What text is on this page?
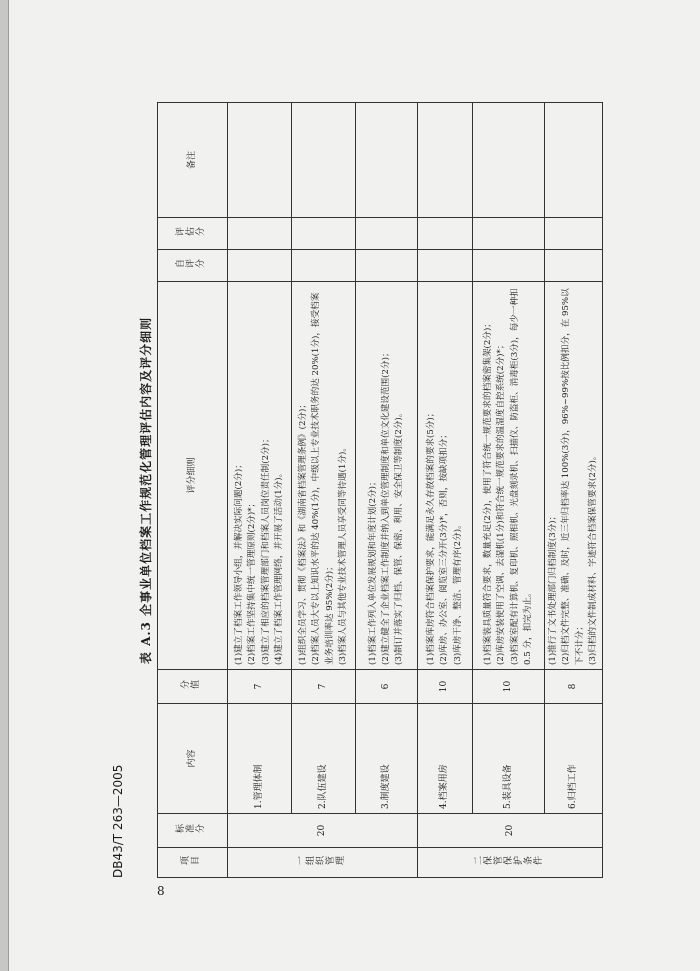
DB43/T 263—2005
表 A.3 企事业单位档案工作规范化管理评估内容及评分细则
项目	标准分	内容	分值	评分细则	自评分	评估分	备注
一组织管理	20	1.管理体制	7	(1)建立了档案工作领导小组，并解决实际问题(2分)； (2)档案工作坚持集中统一管理原则(2分)*； (3)建立了相应的档案管理部门和档案人员岗位责任制(2分)； (4)建立了档案工作管理网络，并开展了活动(1分)。			

		2.队伍建设	7	(1)组织全员学习、贯彻《档案法》和《湖南省档案管理条例》(2分)； (2)档案人员大专以上知识水平的达 40%(1分)，中级以上专业技术职务的达 20%(1分)，接受档案业务培训率达 95%(2分)； (3)档案人员与其他专业技术管理人员享受同等待遇(1分)。			

		3.制度建设	6	(1)档案工作列入单位发展规划和年度计划(2分)； (2)建立健全了企业档案工作制度并纳入到单位管理制度和单位文化建设范围(2分)； (3)制订并落实了归档、保管、保密、利用、安全保卫等制度(2分)。			

二保管保护条件	20	4.档案用房	10	(1)档案库房符合档案保护要求，能满足永久存放档案的要求(5分)； (2)库房、办公室、阅览室三分开(3分)*，否则，按缺项扣分； (3)库房干净、整洁、管理有序(2分)。			

		5.装具设备	10	(1)档案装具质量符合要求，数量充足(2分)，使用了符合统一规范要求的档案密集架(2分)； (2)库房安装使用了空调、去湿机(1分)和符合统一规范要求的温湿度自控系统(2分)*； (3)档案室配有计算机、复印机、照相机、光盘刻录机、扫描仪、防盗柜、消毒柜(3分)，每少一种扣 0.5 分，扣完为止。			

		6.归档工作	8	(1)推行了文书处理部门归档制度(3分)； (2)归档文件完整、准确、及时，近三年归档率达 100%(3分)，96%~99%按比例扣分，在 95%以下不计分； (3)归档的文件制成材料、字迹符合档案保管要求(2分)。			

8
